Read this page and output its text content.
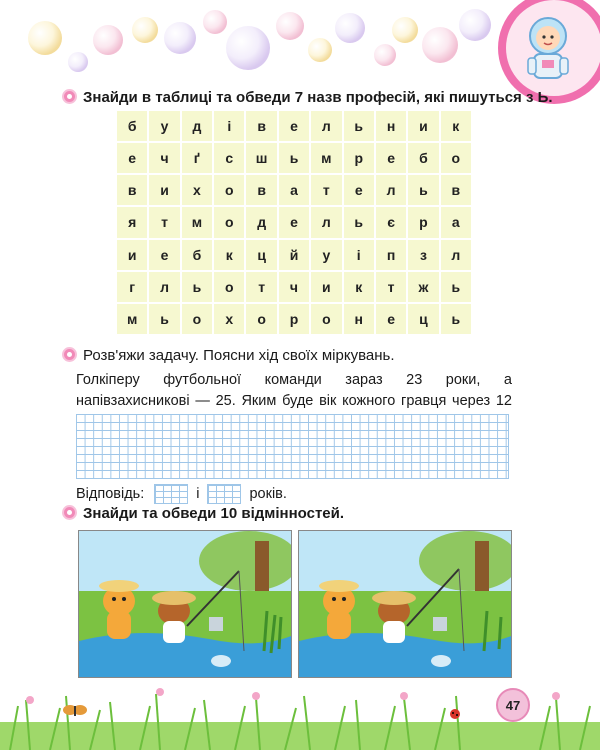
Знайди в таблиці та обведи 7 назв професій, які пишуться з Ь.
б	у	д	і	в	е	л	ь	н	и	к
е	ч	ґ	с	ш	ь	м	р	е	б	о
в	и	х	о	в	а	т	е	л	ь	в
я	т	м	о	д	е	л	ь	є	р	а
и	е	б	к	ц	й	у	і	п	з	л
г	л	ь	о	т	ч	и	к	т	ж	ь
м	ь	о	х	о	р	о	н	е	ц	ь
Розв'яжи задачу. Поясни хід своїх міркувань.
Голкіперу футбольної команди зараз 23 роки, а напівзахисникові — 25. Яким буде вік кожного гравця через 12
Відповідь:	і	років.
Знайди та обведи 10 відмінностей.
47
